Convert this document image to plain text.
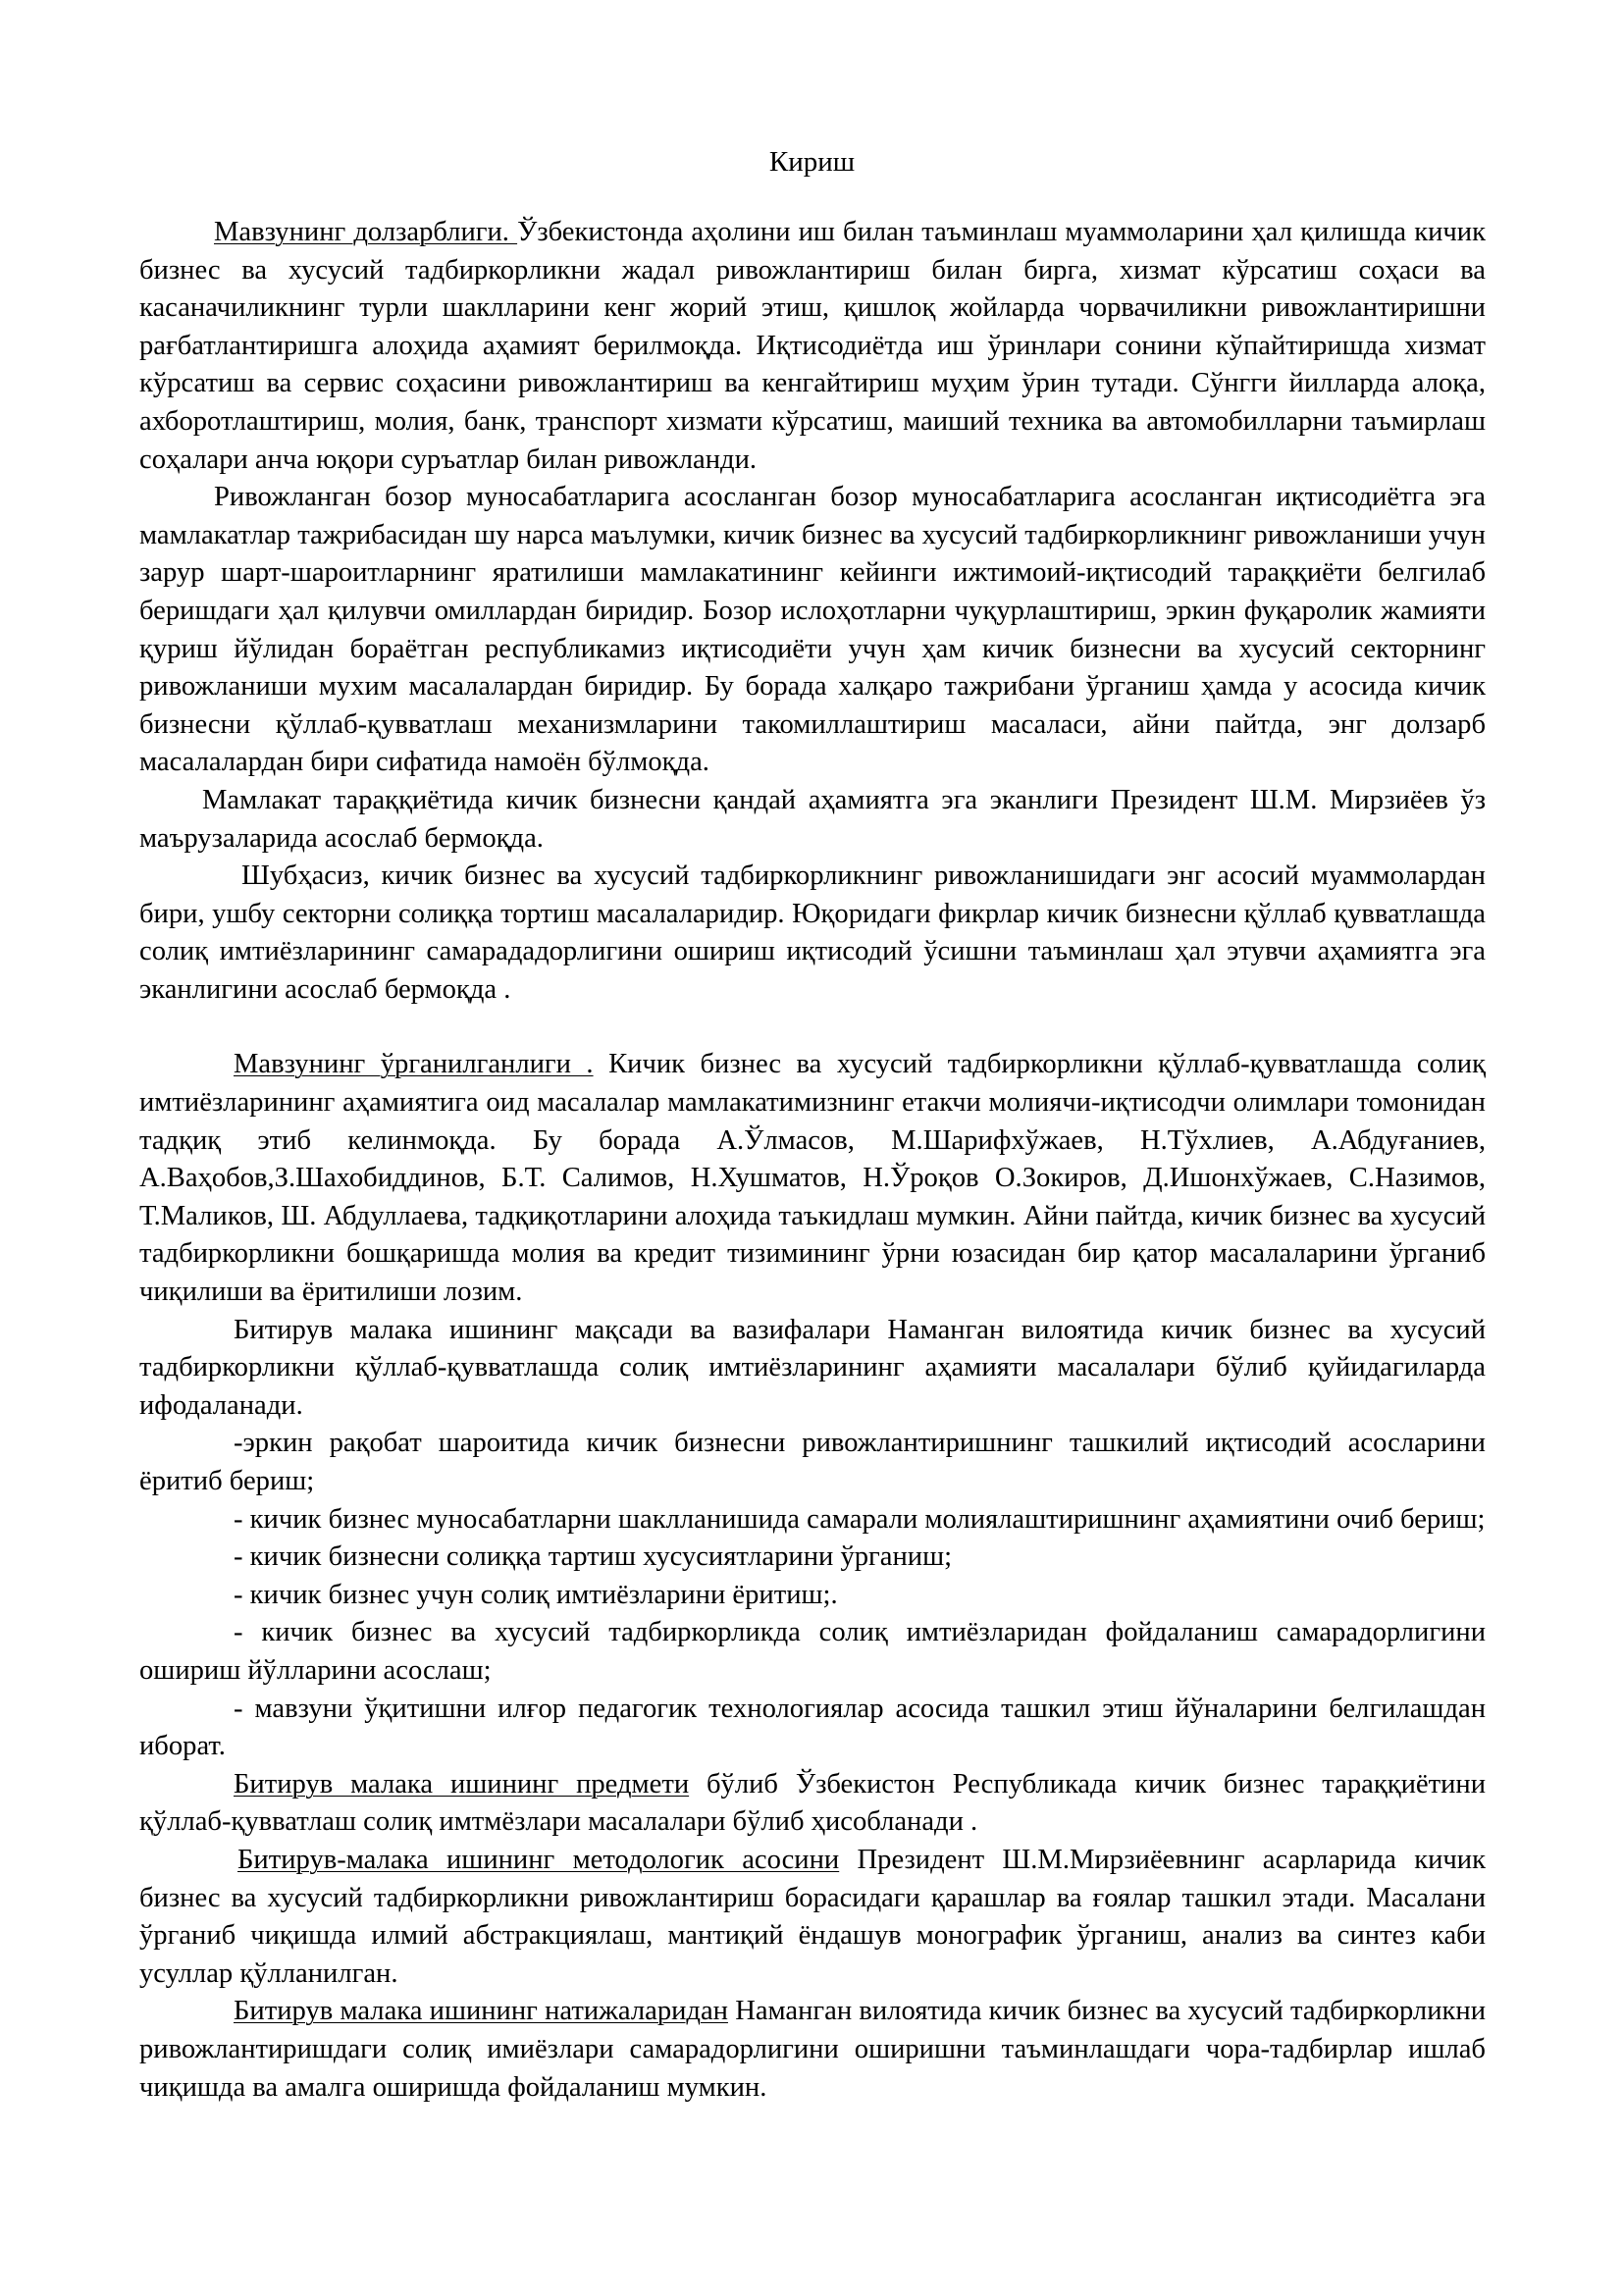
Кириш

Мавзунинг долзарблиги. Ўзбекистонда аҳолини иш билан таъминлаш муаммоларини ҳал қилишда кичик бизнес ва хусусий тадбиркорликни жадал ривожлантириш билан бирга, хизмат кўрсатиш соҳаси ва касаначиликнинг турли шаклларини кенг жорий этиш, қишлоқ жойларда чорвачиликни ривожлантиришни рағбатлантиришга алоҳида аҳамият берилмоқда. Иқтисодиётда иш ўринлари сонини кўпайтиришда хизмат кўрсатиш ва сервис соҳасини ривожлантириш ва кенгайтириш муҳим ўрин тутади. Сўнгги йилларда алоқа, ахборотлаштириш, молия, банк, транспорт хизмати кўрсатиш, маиший техника ва автомобилларни таъмирлаш соҳалари анча юқори суръатлар билан ривожланди.

Ривожланган бозор муносабатларига асосланган бозор муносабатларига асосланган иқтисодиётга эга мамлакатлар тажрибасидан шу нарса маълумки, кичик бизнес ва хусусий тадбиркорликнинг ривожланиши учун зарур шарт-шароитларнинг яратилиши мамлакатининг кейинги ижтимоий-иқтисодий тараққиёти белгилаб беришдаги ҳал қилувчи омиллардан биридир. Бозор ислоҳотларни чуқурлаштириш, эркин фуқаролик жамияти қуриш йўлидан бораётган республикамиз иқтисодиёти учун ҳам кичик бизнесни ва хусусий секторнинг ривожланиши мухим масалалардан биридир. Бу борада халқаро тажрибани ўрганиш ҳамда у асосида кичик бизнесни қўллаб-қувватлаш механизмларини такомиллаштириш масаласи, айни пайтда, энг долзарб масалалардан бири сифатида намоён бўлмоқда.

Мамлакат тараққиётида кичик бизнесни қандай аҳамиятга эга эканлиги Президент Ш.М. Мирзиёев ўз маърузаларида асослаб бермоқда.

Шубҳасиз, кичик бизнес ва хусусий тадбиркорликнинг ривожланишидаги энг асосий муаммолардан бири, ушбу секторни солиққа тортиш масалаларидир. Юқоридаги фикрлар кичик бизнесни қўллаб қувватлашда солиқ имтиёзларининг самарададорлигини ошириш иқтисодий ўсишни таъминлаш ҳал этувчи аҳамиятга эга эканлигини асослаб бермоқда .

Мавзунинг ўрганилганлиги . Кичик бизнес ва хусусий тадбиркорликни қўллаб-қувватлашда солиқ имтиёзларининг аҳамиятига оид масалалар мамлакатимизнинг етакчи молиячи-иқтисодчи олимлари томонидан тадқиқ этиб келинмоқда. Бу борада А.Ўлмасов, М.Шарифхўжаев, Н.Тўхлиев, А.Абдуғаниев, А.Ваҳобов,З.Шахобиддинов, Б.Т. Салимов, Н.Хушматов, Н.Ўроқов О.Зокиров, Д.Ишонхўжаев, С.Назимов, Т.Маликов, Ш. Абдуллаева, тадқиқотларини алоҳида таъкидлаш мумкин. Айни пайтда, кичик бизнес ва хусусий тадбиркорликни бошқаришда молия ва кредит тизимининг ўрни юзасидан бир қатор масалаларини ўрганиб чиқилиши ва ёритилиши лозим.

Битирув малака ишининг мақсади ва вазифалари Наманган вилоятида кичик бизнес ва хусусий тадбиркорликни қўллаб-қувватлашда солиқ имтиёзларининг аҳамияти масалалари бўлиб қуйидагиларда ифодаланади.

-эркин рақобат шароитида кичик бизнесни ривожлантиришнинг ташкилий иқтисодий асосларини ёритиб бериш;

- кичик бизнес муносабатларни шаклланишида самарали молиялаштиришнинг аҳамиятини очиб бериш;

- кичик бизнесни солиққа тартиш хусусиятларини ўрганиш;

- кичик бизнес учун солиқ имтиёзларини ёритиш;.

- кичик бизнес ва хусусий тадбиркорликда солиқ имтиёзларидан фойдаланиш самарадорлигини ошириш йўлларини асослаш;

- мавзуни ўқитишни илғор педагогик технологиялар асосида ташкил этиш йўналарини белгилашдан иборат.

Битирув малака ишининг предмети бўлиб Ўзбекистон Республикада кичик бизнес тараққиётини қўллаб-қувватлаш солиқ имтмёзлари масалалари бўлиб ҳисобланади .

Битирув-малака ишининг методологик асосини Президент Ш.М.Мирзиёевнинг асарларида кичик бизнес ва хусусий тадбиркорликни ривожлантириш борасидаги қарашлар ва ғоялар ташкил этади. Масалани ўрганиб чиқишда илмий абстракциялаш, мантиқий ёндашув монографик ўрганиш, анализ ва синтез каби усуллар қўлланилган.

Битирув малака ишининг натижаларидан Наманган вилоятида кичик бизнес ва хусусий тадбиркорликни ривожлантиришдаги солиқ имиёзлари самарадорлигини оширишни таъминлашдаги чора-тадбирлар ишлаб чиқишда ва амалга оширишда фойдаланиш мумкин.
